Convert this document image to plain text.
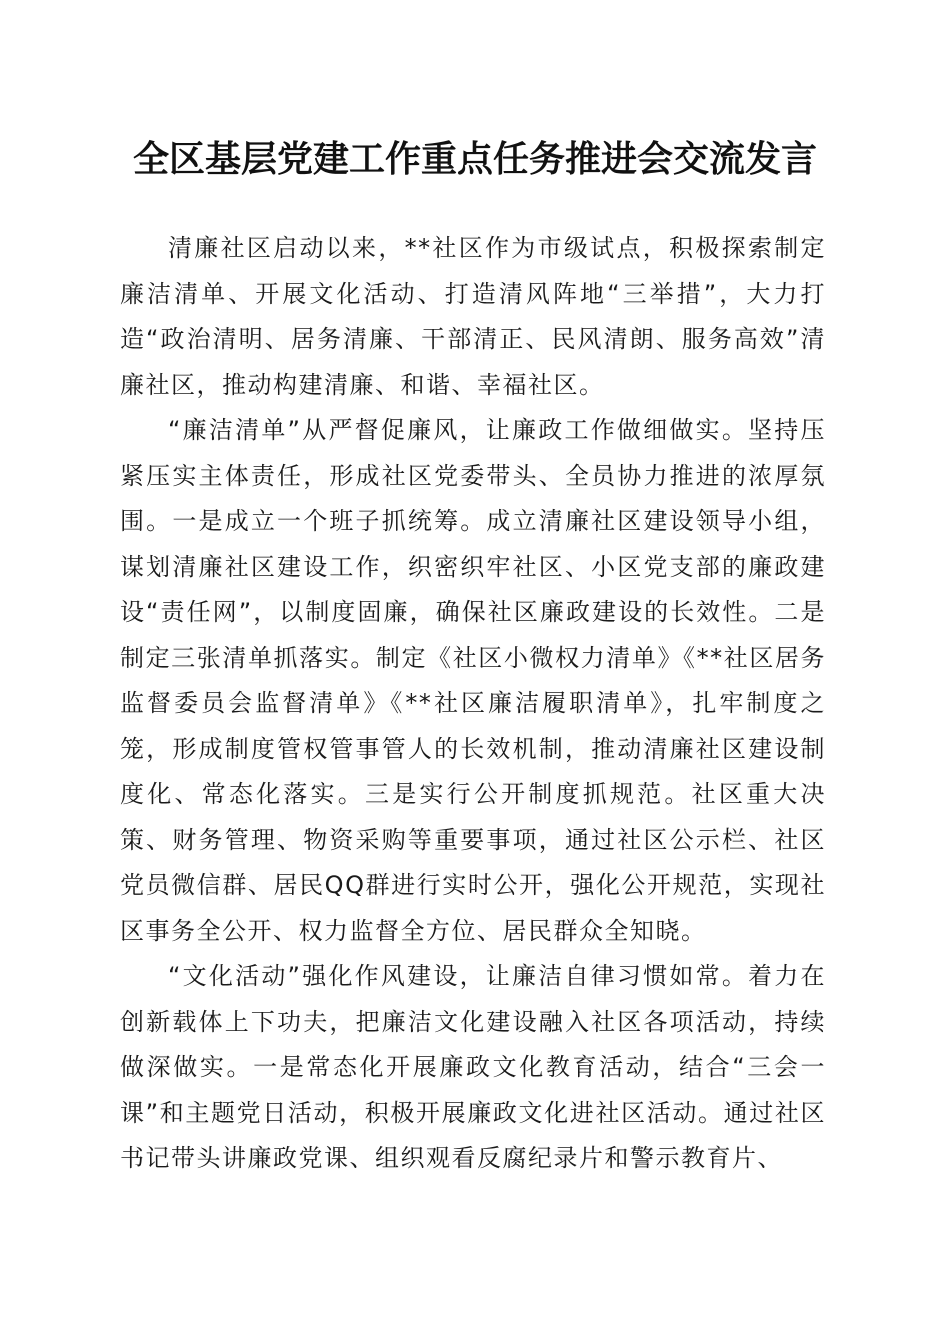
全区基层党建工作重点任务推进会交流发言

清廉社区启动以来，**社区作为市级试点，积极探索制定廉洁清单、开展文化活动、打造清风阵地“三举措”，大力打造“政治清明、居务清廉、干部清正、民风清朗、服务高效”清廉社区，推动构建清廉、和谐、幸福社区。

“廉洁清单”从严督促廉风，让廉政工作做细做实。坚持压紧压实主体责任，形成社区党委带头、全员协力推进的浓厚氛围。一是成立一个班子抓统筹。成立清廉社区建设领导小组，谋划清廉社区建设工作，织密织牢社区、小区党支部的廉政建设“责任网”，以制度固廉，确保社区廉政建设的长效性。二是制定三张清单抓落实。制定《社区小微权力清单》《**社区居务监督委员会监督清单》《**社区廉洁履职清单》，扎牢制度之笼，形成制度管权管事管人的长效机制，推动清廉社区建设制度化、常态化落实。三是实行公开制度抓规范。社区重大决策、财务管理、物资采购等重要事项，通过社区公示栏、社区党员微信群、居民QQ群进行实时公开，强化公开规范，实现社区事务全公开、权力监督全方位、居民群众全知晓。

“文化活动”强化作风建设，让廉洁自律习惯如常。着力在创新载体上下功夫，把廉洁文化建设融入社区各项活动，持续做深做实。一是常态化开展廉政文化教育活动，结合“三会一课”和主题党日活动，积极开展廉政文化进社区活动。通过社区书记带头讲廉政党课、组织观看反腐纪录片和警示教育片、
